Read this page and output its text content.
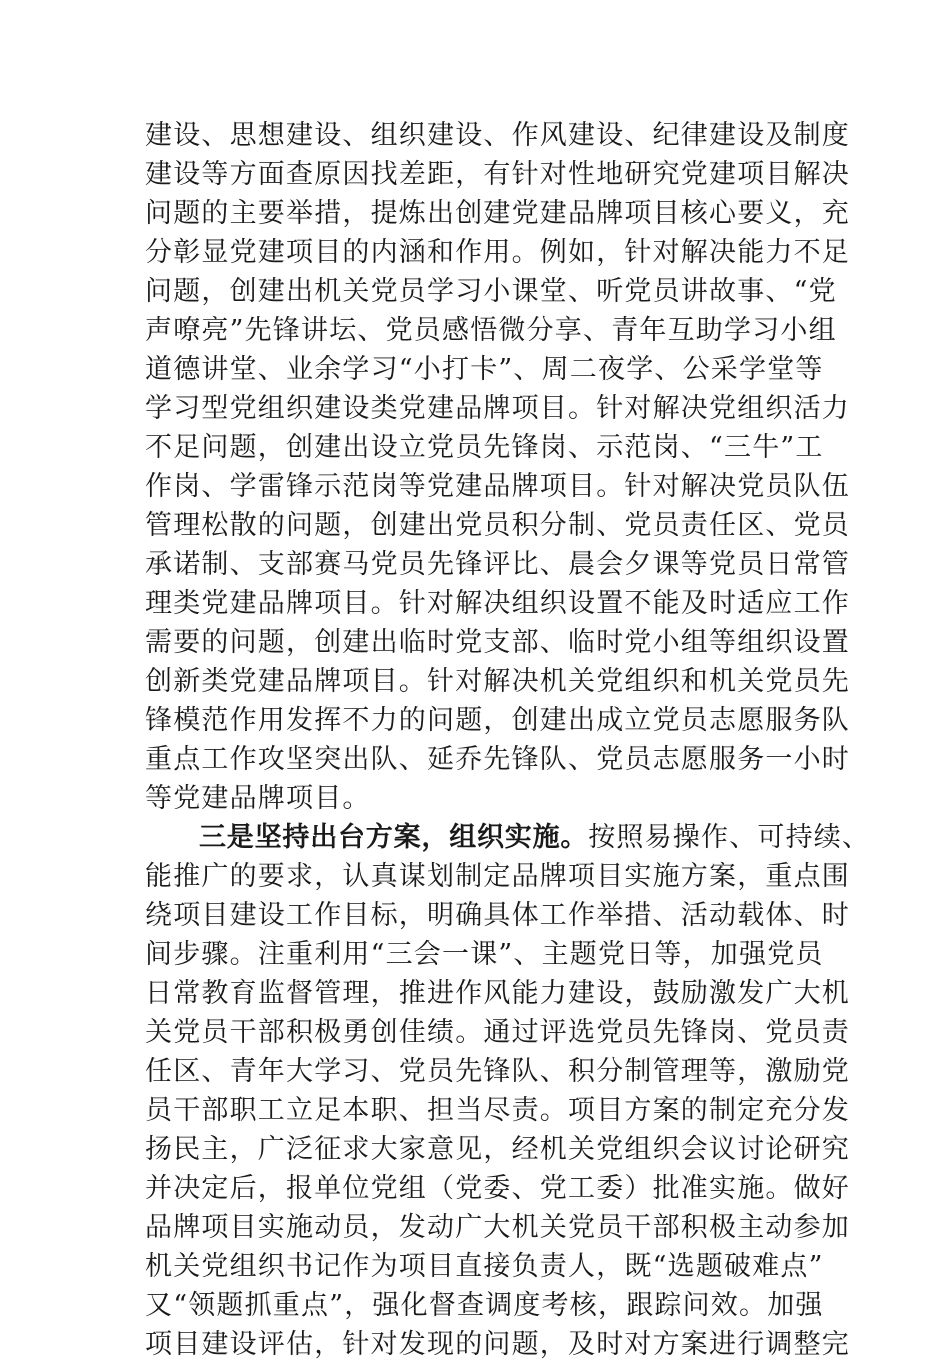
建设、思想建设、组织建设、作风建设、纪律建设及制度
建设等方面查原因找差距，有针对性地研究党建项目解决
问题的主要举措，提炼出创建党建品牌项目核心要义，充
分彰显党建项目的内涵和作用。例如，针对解决能力不足
问题，创建出机关党员学习小课堂、听党员讲故事、“党
声嘹亮”先锋讲坛、党员感悟微分享、青年互助学习小组
道德讲堂、业余学习“小打卡”、周二夜学、公采学堂等
学习型党组织建设类党建品牌项目。针对解决党组织活力
不足问题，创建出设立党员先锋岗、示范岗、“三牛”工
作岗、学雷锋示范岗等党建品牌项目。针对解决党员队伍
管理松散的问题，创建出党员积分制、党员责任区、党员
承诺制、支部赛马党员先锋评比、晨会夕课等党员日常管
理类党建品牌项目。针对解决组织设置不能及时适应工作
需要的问题，创建出临时党支部、临时党小组等组织设置
创新类党建品牌项目。针对解决机关党组织和机关党员先
锋模范作用发挥不力的问题，创建出成立党员志愿服务队
重点工作攻坚突出队、延乔先锋队、党员志愿服务一小时
等党建品牌项目。
三是坚持出台方案，组织实施。按照易操作、可持续、
能推广的要求，认真谋划制定品牌项目实施方案，重点围
绕项目建设工作目标，明确具体工作举措、活动载体、时
间步骤。注重利用“三会一课”、主题党日等，加强党员
日常教育监督管理，推进作风能力建设，鼓励激发广大机
关党员干部积极勇创佳绩。通过评选党员先锋岗、党员责
任区、青年大学习、党员先锋队、积分制管理等，激励党
员干部职工立足本职、担当尽责。项目方案的制定充分发
扬民主，广泛征求大家意见，经机关党组织会议讨论研究
并决定后，报单位党组（党委、党工委）批准实施。做好
品牌项目实施动员，发动广大机关党员干部积极主动参加
机关党组织书记作为项目直接负责人，既“选题破难点”
又“领题抓重点”，强化督查调度考核，跟踪问效。加强
项目建设评估，针对发现的问题，及时对方案进行调整完
